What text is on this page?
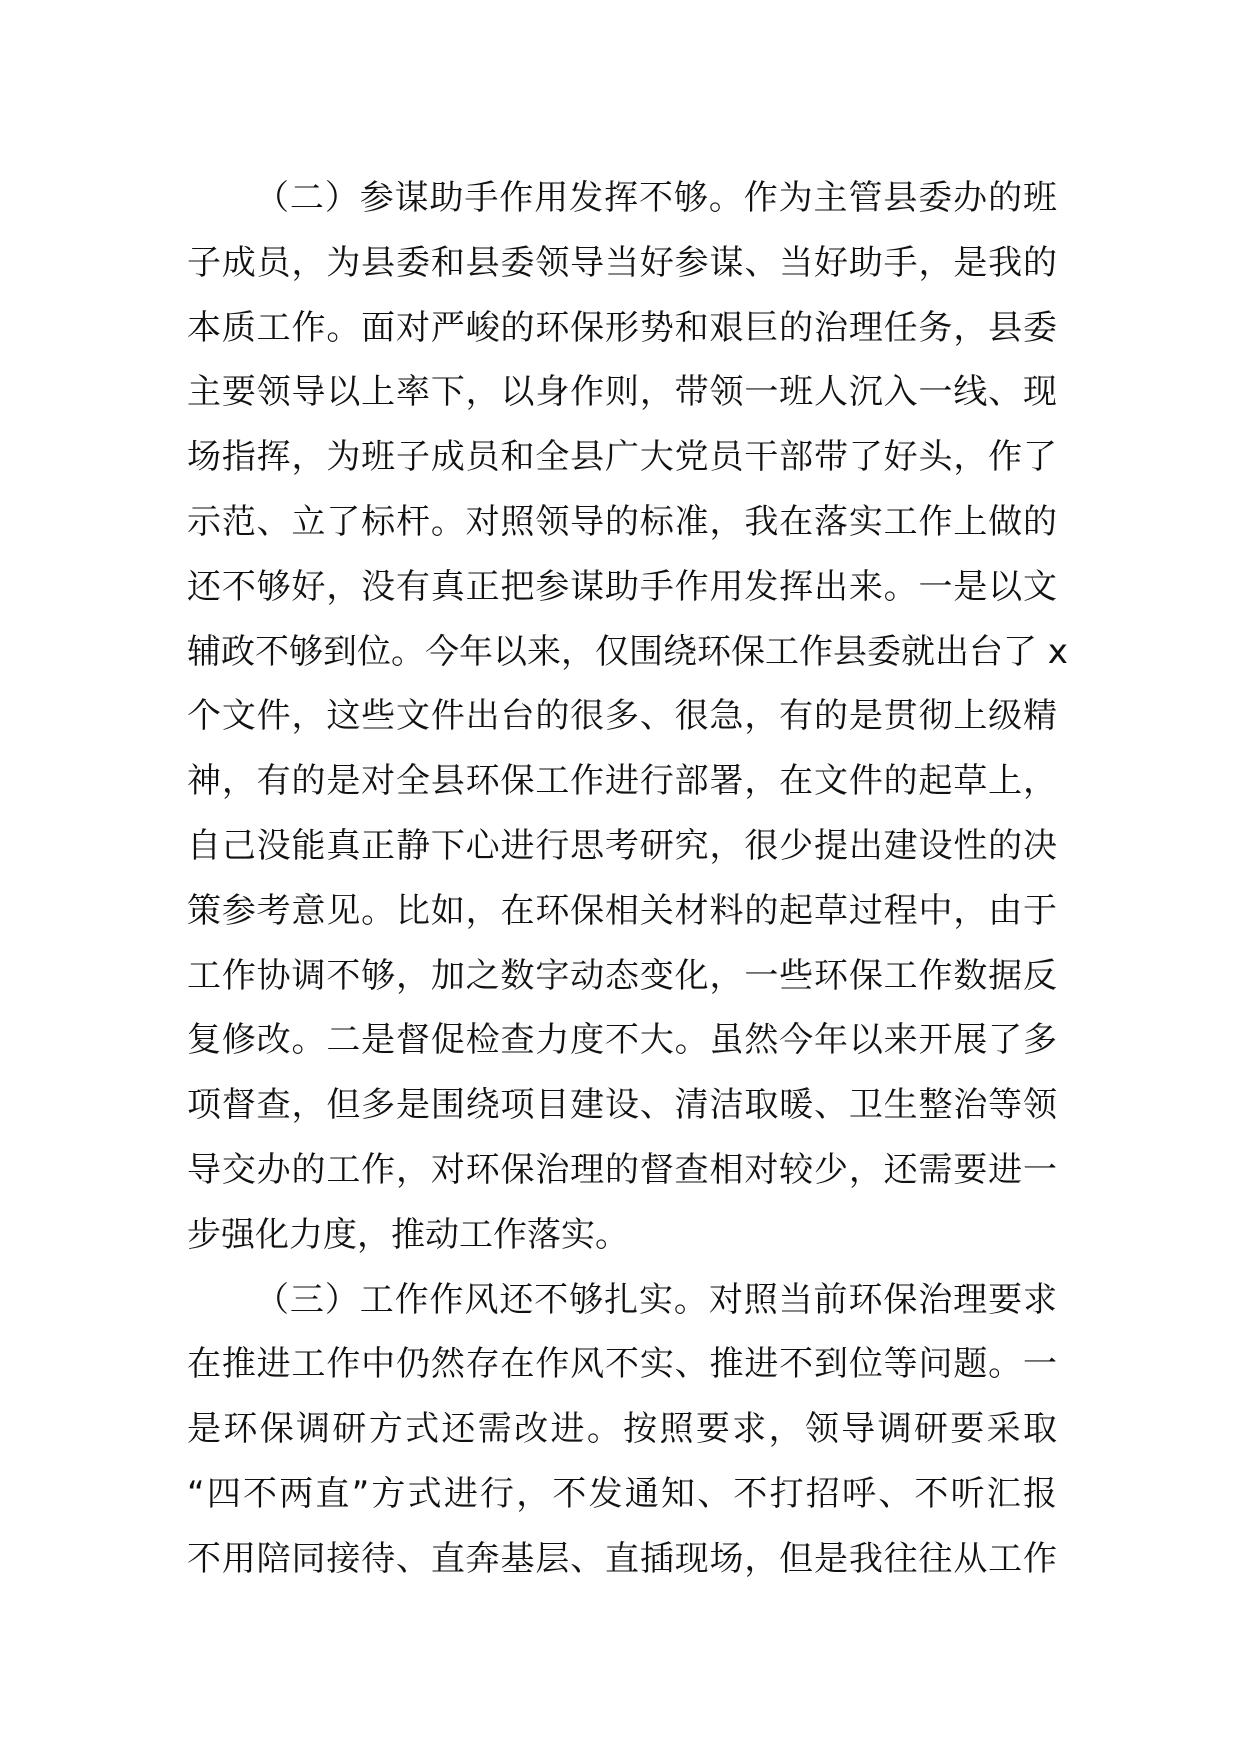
（二）参谋助手作用发挥不够。作为主管县委办的班
子成员，为县委和县委领导当好参谋、当好助手，是我的
本质工作。面对严峻的环保形势和艰巨的治理任务，县委
主要领导以上率下，以身作则，带领一班人沉入一线、现
场指挥，为班子成员和全县广大党员干部带了好头，作了
示范、立了标杆。对照领导的标准，我在落实工作上做的
还不够好，没有真正把参谋助手作用发挥出来。一是以文
辅政不够到位。今年以来，仅围绕环保工作县委就出台了 x
个文件，这些文件出台的很多、很急，有的是贯彻上级精
神，有的是对全县环保工作进行部署，在文件的起草上，
自己没能真正静下心进行思考研究，很少提出建设性的决
策参考意见。比如，在环保相关材料的起草过程中，由于
工作协调不够，加之数字动态变化，一些环保工作数据反
复修改。二是督促检查力度不大。虽然今年以来开展了多
项督查，但多是围绕项目建设、清洁取暖、卫生整治等领
导交办的工作，对环保治理的督查相对较少，还需要进一
步强化力度，推动工作落实。
（三）工作作风还不够扎实。对照当前环保治理要求
在推进工作中仍然存在作风不实、推进不到位等问题。一
是环保调研方式还需改进。按照要求，领导调研要采取
“四不两直”方式进行，不发通知、不打招呼、不听汇报
不用陪同接待、直奔基层、直插现场，但是我往往从工作
